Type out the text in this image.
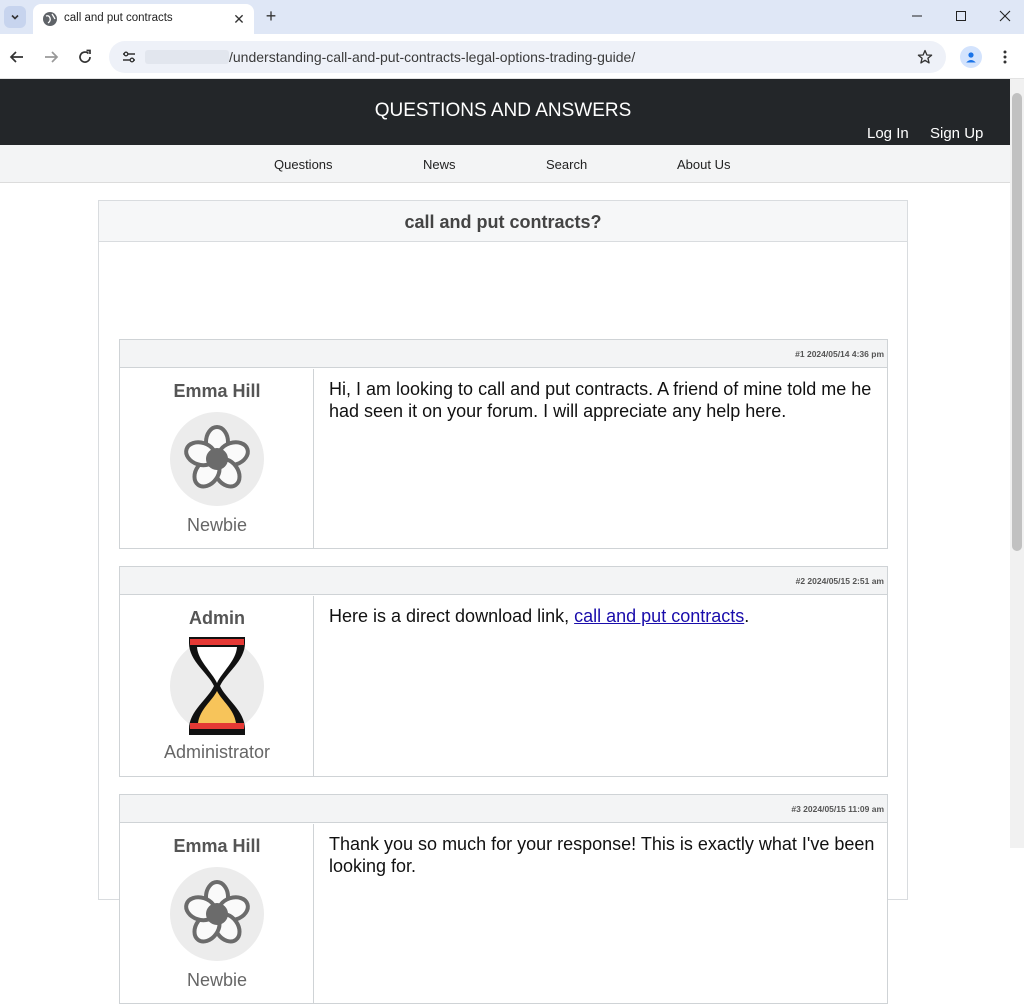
call and put contracts	✕ +
/understanding-call-and-put-contracts-legal-options-trading-guide/
QUESTIONS AND ANSWERS
Log In Sign Up
Questions	News	Search	About Us
call and put contracts?
#1 2024/05/14 4:36 pm
Emma Hill
Newbie
Hi, I am looking to call and put contracts. A friend of mine told me he had seen it on your forum. I will appreciate any help here.
#2 2024/05/15 2:51 am
Admin
Administrator
Here is a direct download link, call and put contracts.
#3 2024/05/15 11:09 am
Emma Hill
Newbie
Thank you so much for your response! This is exactly what I've been looking for.
